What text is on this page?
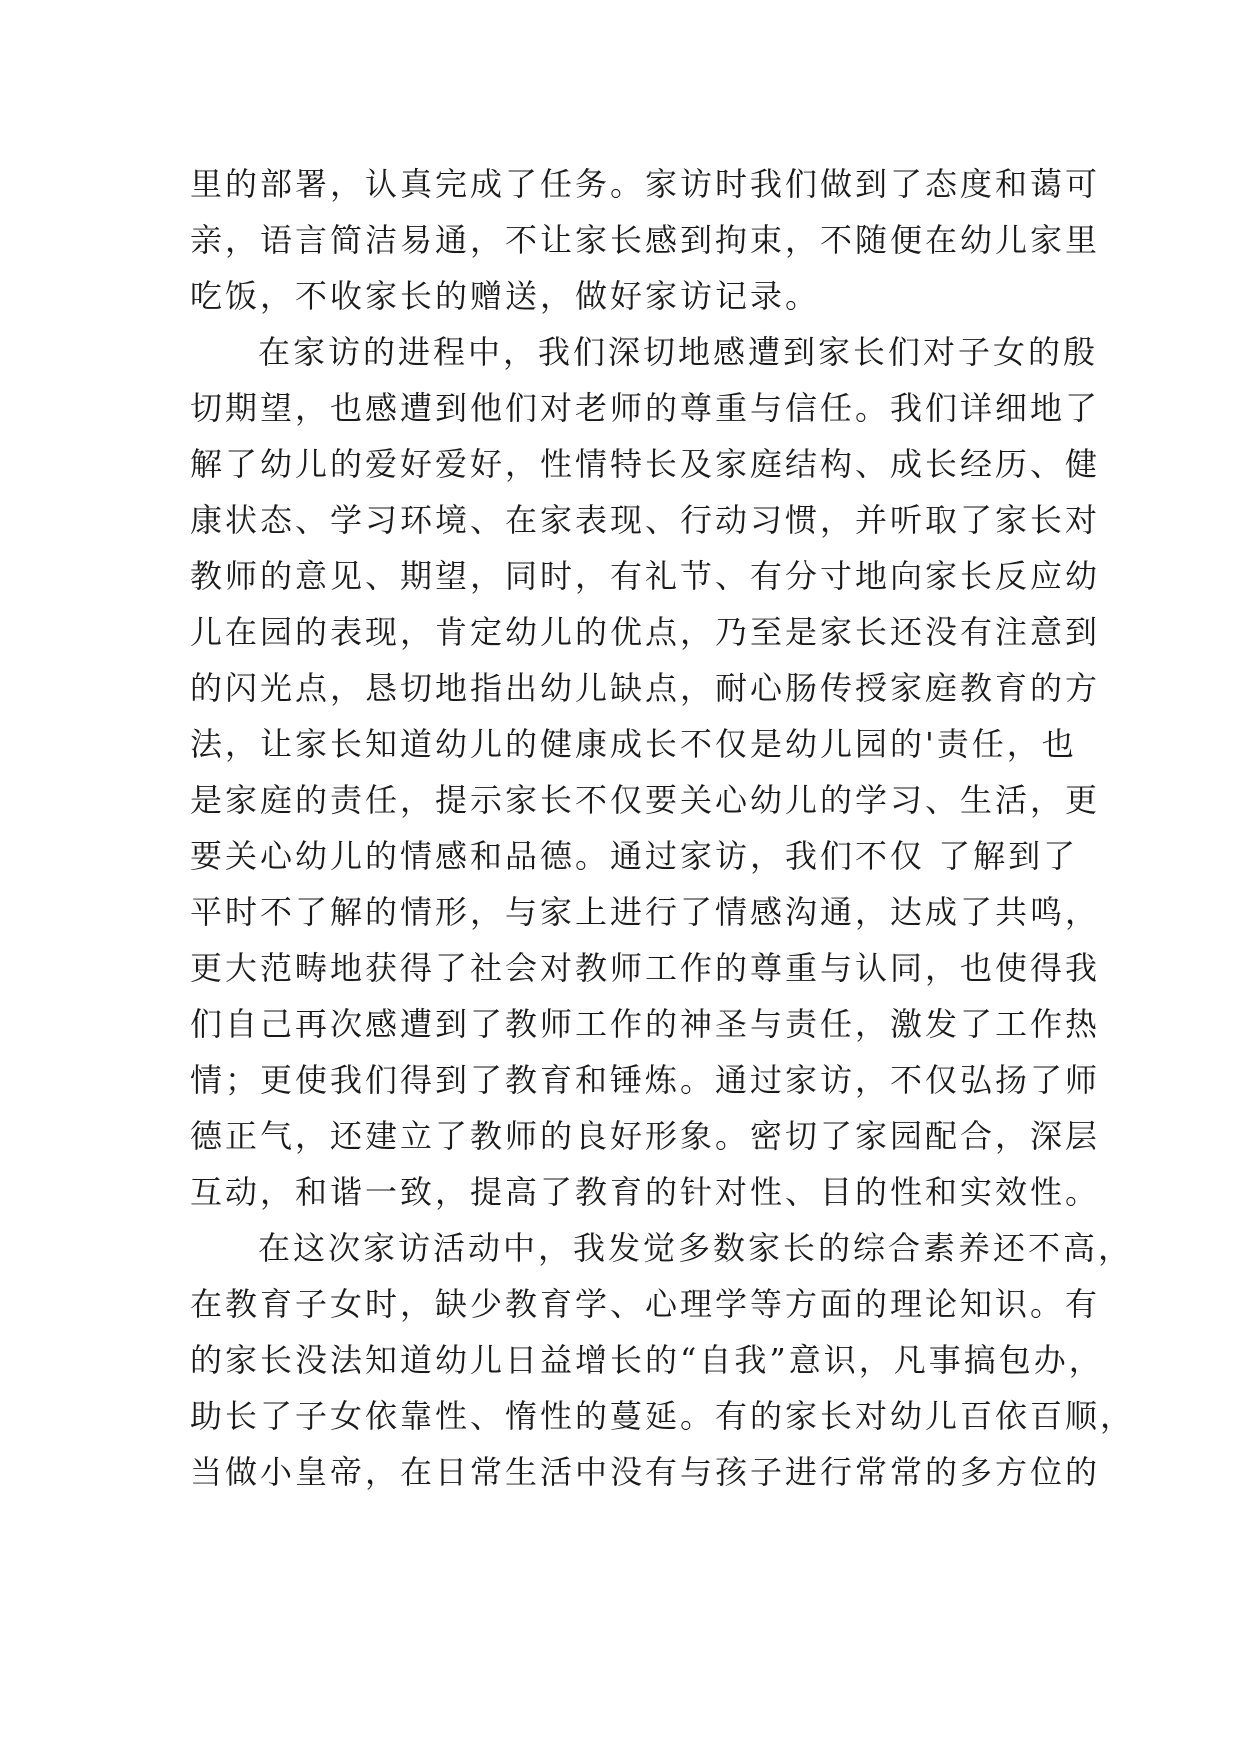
里的部署，认真完成了任务。家访时我们做到了态度和蔼可
亲，语言简洁易通，不让家长感到拘束，不随便在幼儿家里
吃饭，不收家长的赠送，做好家访记录。
在家访的进程中，我们深切地感遭到家长们对子女的殷
切期望，也感遭到他们对老师的尊重与信任。我们详细地了
解了幼儿的爱好爱好，性情特长及家庭结构、成长经历、健
康状态、学习环境、在家表现、行动习惯，并听取了家长对
教师的意见、期望，同时，有礼节、有分寸地向家长反应幼
儿在园的表现，肯定幼儿的优点，乃至是家长还没有注意到
的闪光点，恳切地指出幼儿缺点，耐心肠传授家庭教育的方
法，让家长知道幼儿的健康成长不仅是幼儿园的'责任，也
是家庭的责任，提示家长不仅要关心幼儿的学习、生活，更
要关心幼儿的情感和品德。通过家访，我们不仅 了解到了
平时不了解的情形，与家上进行了情感沟通，达成了共鸣，
更大范畴地获得了社会对教师工作的尊重与认同，也使得我
们自己再次感遭到了教师工作的神圣与责任，激发了工作热
情；更使我们得到了教育和锤炼。通过家访，不仅弘扬了师
德正气，还建立了教师的良好形象。密切了家园配合，深层
互动，和谐一致，提高了教育的针对性、目的性和实效性。
在这次家访活动中，我发觉多数家长的综合素养还不高，
在教育子女时，缺少教育学、心理学等方面的理论知识。有
的家长没法知道幼儿日益增长的“自我”意识，凡事搞包办，
助长了子女依靠性、惰性的蔓延。有的家长对幼儿百依百顺，
当做小皇帝，在日常生活中没有与孩子进行常常的多方位的
